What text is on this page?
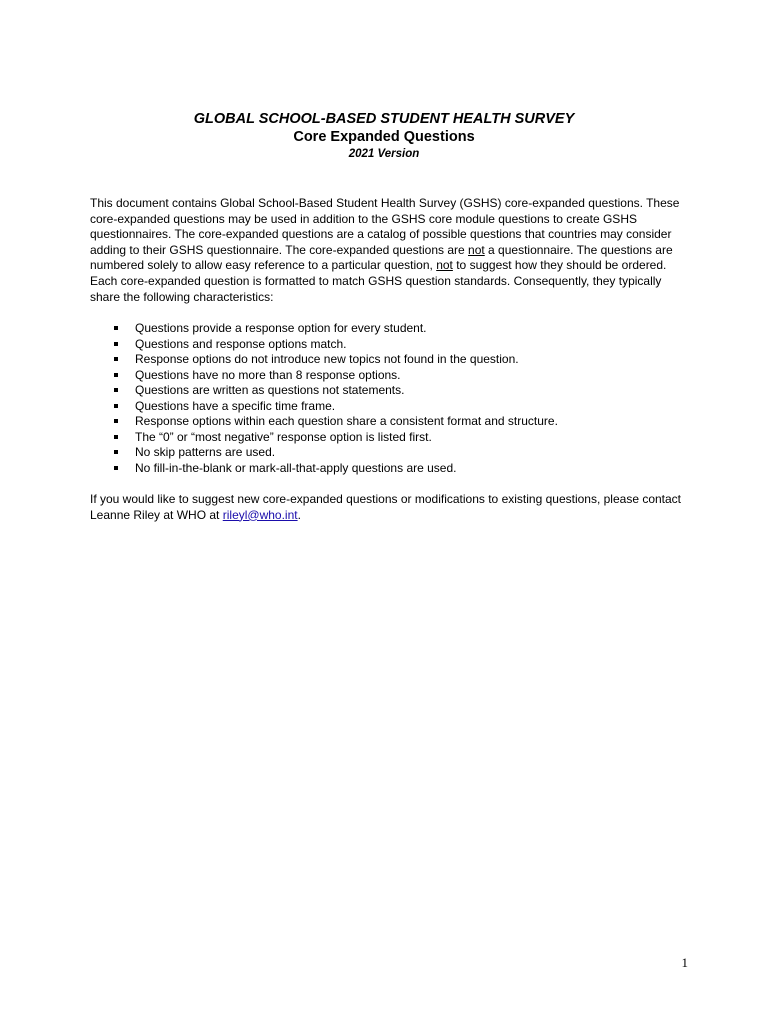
GLOBAL SCHOOL-BASED STUDENT HEALTH SURVEY
Core Expanded Questions
2021 Version

This document contains Global School-Based Student Health Survey (GSHS) core-expanded questions. These core-expanded questions may be used in addition to the GSHS core module questions to create GSHS questionnaires. The core-expanded questions are a catalog of possible questions that countries may consider adding to their GSHS questionnaire. The core-expanded questions are not a questionnaire. The questions are numbered solely to allow easy reference to a particular question, not to suggest how they should be ordered. Each core-expanded question is formatted to match GSHS question standards. Consequently, they typically share the following characteristics:

Questions provide a response option for every student.
Questions and response options match.
Response options do not introduce new topics not found in the question.
Questions have no more than 8 response options.
Questions are written as questions not statements.
Questions have a specific time frame.
Response options within each question share a consistent format and structure.
The “0” or “most negative” response option is listed first.
No skip patterns are used.
No fill-in-the-blank or mark-all-that-apply questions are used.

If you would like to suggest new core-expanded questions or modifications to existing questions, please contact Leanne Riley at WHO at rileyl@who.int.

1
